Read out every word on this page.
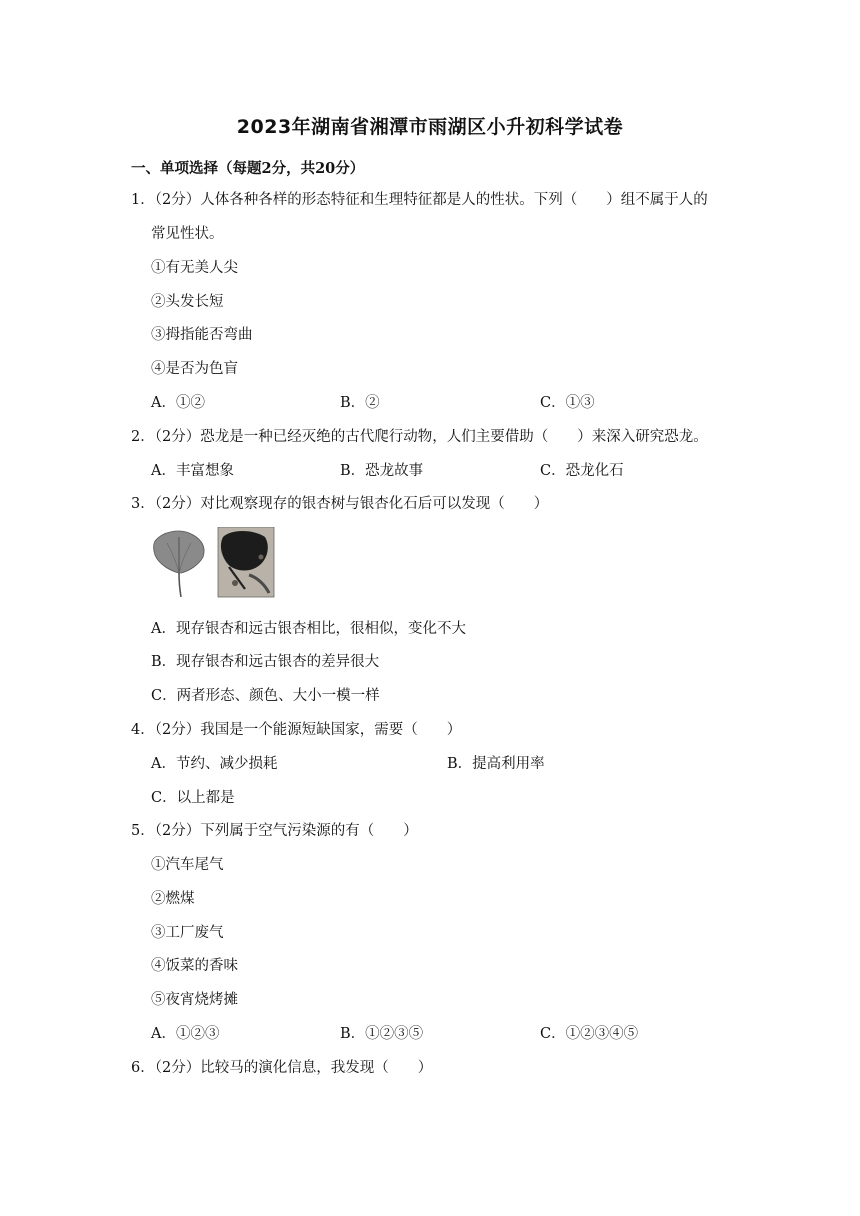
2023年湖南省湘潭市雨湖区小升初科学试卷
一、单项选择（每题2分，共20分）
1．（2分）人体各种各样的形态特征和生理特征都是人的性状。下列（　　）组不属于人的
常见性状。
①有无美人尖
②头发长短
③拇指能否弯曲
④是否为色盲
A．①②	B．②	C．①③
2．（2分）恐龙是一种已经灭绝的古代爬行动物，人们主要借助（　　）来深入研究恐龙。
A．丰富想象	B．恐龙故事	C．恐龙化石
3．（2分）对比观察现存的银杏树与银杏化石后可以发现（　　）
A．现存银杏和远古银杏相比，很相似，变化不大
B．现存银杏和远古银杏的差异很大
C．两者形态、颜色、大小一模一样
4．（2分）我国是一个能源短缺国家，需要（　　）
A．节约、减少损耗	B．提高利用率
C．以上都是
5．（2分）下列属于空气污染源的有（　　）
①汽车尾气
②燃煤
③工厂废气
④饭菜的香味
⑤夜宵烧烤摊
A．①②③	B．①②③⑤	C．①②③④⑤
6．（2分）比较马的演化信息，我发现（　　）
